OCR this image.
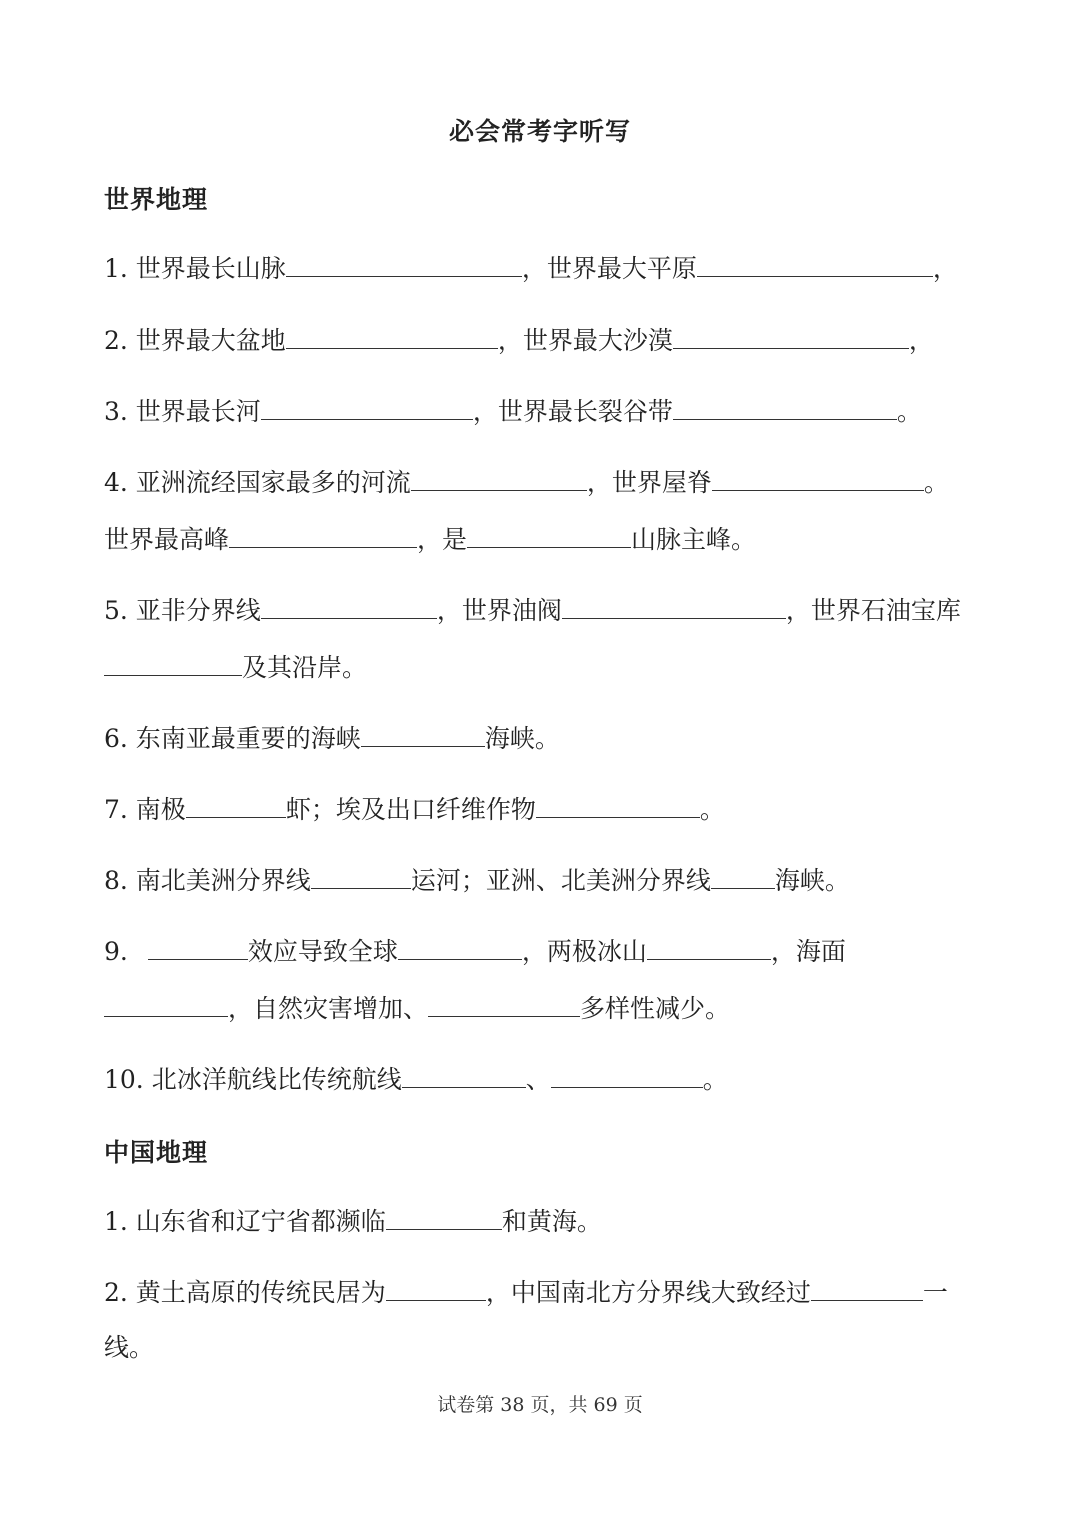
必会常考字听写
世界地理
1. 世界最长山脉	，世界最大平原	，
2. 世界最大盆地	，世界最大沙漠	，
3. 世界最长河	，世界最长裂谷带	。
4. 亚洲流经国家最多的河流	，世界屋脊	。
世界最高峰	，是	山脉主峰。
5. 亚非分界线	，世界油阀	，世界石油宝库
及其沿岸。
6. 东南亚最重要的海峡	海峡。
7. 南极	虾；埃及出口纤维作物	。
8. 南北美洲分界线	运河；亚洲、北美洲分界线	海峡。
9.	效应导致全球	，两极冰山	，海面
，自然灾害增加、	多样性减少。
10. 北冰洋航线比传统航线	、	。
中国地理
1. 山东省和辽宁省都濒临	和黄海。
2. 黄土高原的传统民居为	，中国南北方分界线大致经过	一
线。
试卷第 38 页，共 69 页
